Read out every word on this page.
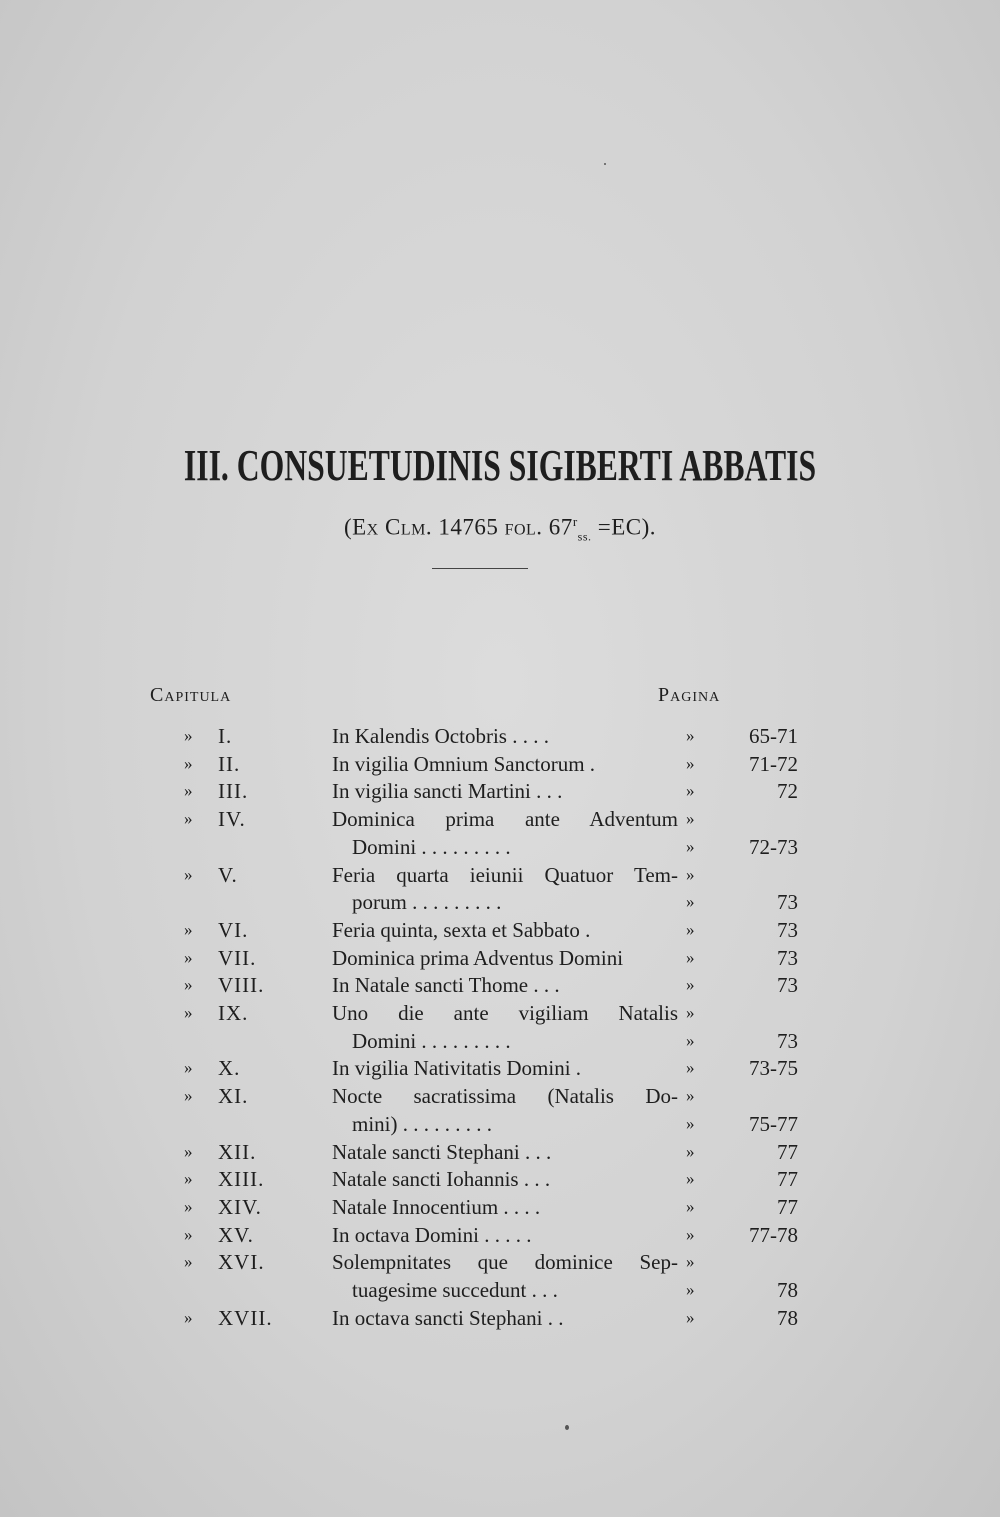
III. CONSUETUDINIS SIGIBERTI ABBATIS
(Ex Clm. 14765 fol. $67^r_{ss.} =EC$).
Capitula	Pagina
» I.	In Kalendis Octobris . . . .	»	65-71
» II.	In vigilia Omnium Sanctorum .	»	71-72
» III.	In vigilia sancti Martini . . .	»	72
» IV.	Dominica prima ante Adventum »
Domini . . . . . . . . .	»	72-73
» V.	Feria quarta ieiunii Quatuor Tem- »
porum . . . . . . . . .	»	73
» VI.	Feria quinta, sexta et Sabbato .	»	73
» VII.	Dominica prima Adventus Domini	»	73
» VIII.	In Natale sancti Thome . . .	»	73
» IX.	Uno die ante vigiliam Natalis »
Domini . . . . . . . . .	»	73
» X.	In vigilia Nativitatis Domini .	»	73-75
» XI.	Nocte sacratissima (Natalis Do- »
mini) . . . . . . . . .	»	75-77
» XII.	Natale sancti Stephani . . .	»	77
» XIII.	Natale sancti Iohannis . . .	»	77
» XIV.	Natale Innocentium . . . .	»	77
» XV.	In octava Domini . . . . .	»	77-78
» XVI.	Solempnitates que dominice Sep- »
tuagesime succedunt . . .	»	78
» XVII.	In octava sancti Stephani . .	»	78
